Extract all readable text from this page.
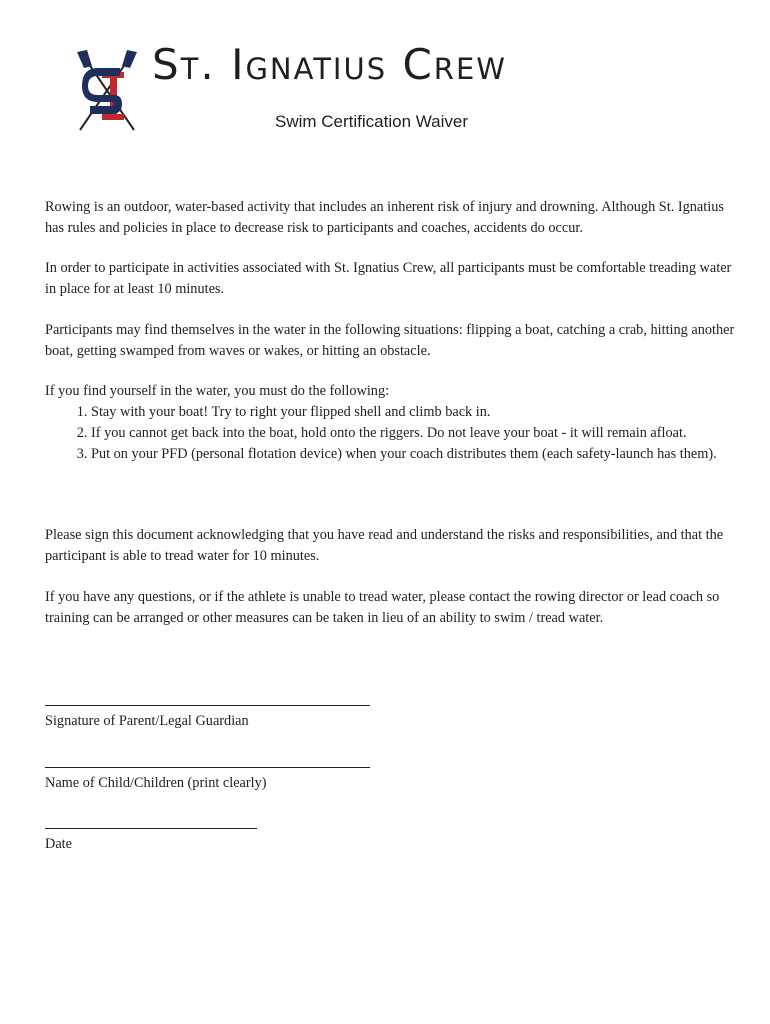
St. Ignatius Crew
Swim Certification Waiver

Rowing is an outdoor, water-based activity that includes an inherent risk of injury and drowning. Although St. Ignatius has rules and policies in place to decrease risk to participants and coaches, accidents do occur.

In order to participate in activities associated with St. Ignatius Crew, all participants must be comfortable treading water in place for at least 10 minutes.

Participants may find themselves in the water in the following situations: flipping a boat, catching a crab, hitting another boat, getting swamped from waves or wakes, or hitting an obstacle.

If you find yourself in the water, you must do the following:

1. Stay with your boat! Try to right your flipped shell and climb back in.
2. If you cannot get back into the boat, hold onto the riggers. Do not leave your boat - it will remain afloat.
3. Put on your PFD (personal flotation device) when your coach distributes them (each safety-launch has them).

Please sign this document acknowledging that you have read and understand the risks and responsibilities, and that the participant is able to tread water for 10 minutes.

If you have any questions, or if the athlete is unable to tread water, please contact the rowing director or lead coach so training can be arranged or other measures can be taken in lieu of an ability to swim / tread water.

Signature of Parent/Legal Guardian
Name of Child/Children (print clearly)
Date
